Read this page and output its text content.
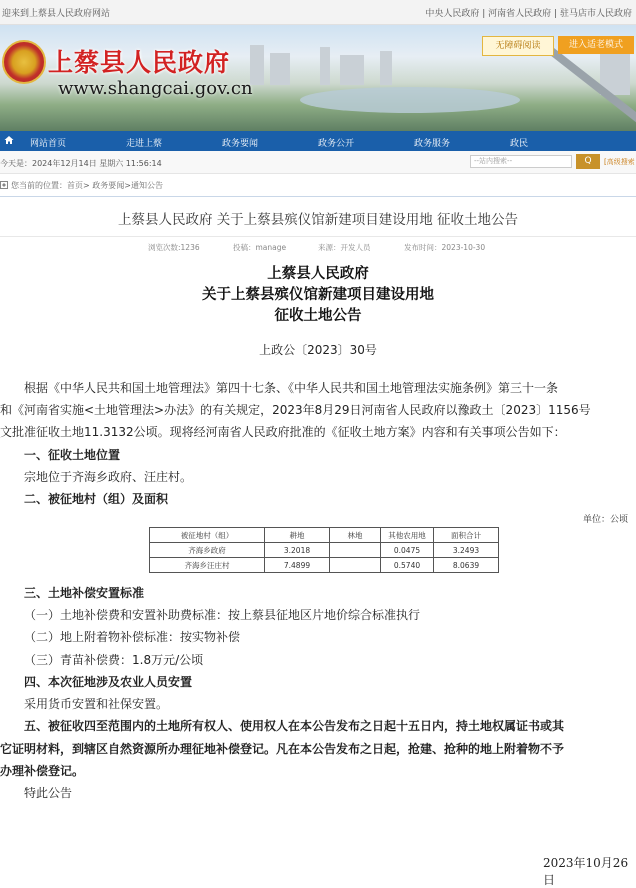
迎来到上蔡县人民政府网站	中央人民政府 | 河南省人民政府 | 驻马店市人民政府
上蔡县人民政府
www.shangcai.gov.cn
无障碍阅读	进入适老模式
网站首页	走进上蔡	政务要闻	政务公开	政务服务	政民
今天是：2024年12月14日 星期六 11:56:14	--站内搜索--	Q	[高级搜索
您当前的位置：首页> 政务要闻>通知公告
上蔡县人民政府 关于上蔡县殡仪馆新建项目建设用地 征收土地公告
浏览次数:1236	投稿：manage	来源：开发人员	发布时间：2023-10-30
上蔡县人民政府
关于上蔡县殡仪馆新建项目建设用地
征收土地公告
上政公〔2023〕30号
根据《中华人民共和国土地管理法》第四十七条、《中华人民共和国土地管理法实施条例》第三十一条
和《河南省实施<土地管理法>办法》的有关规定，2023年8月29日河南省人民政府以豫政土〔2023〕1156号
文批准征收土地11.3132公顷。现将经河南省人民政府批准的《征收土地方案》内容和有关事项公告如下：
一、征收土地位置
宗地位于齐海乡政府、汪庄村。
二、被征地村（组）及面积
单位：公顷
被征地村（组）	耕地	林地	其他农用地	面积合计
齐海乡政府	3.2018		0.0475	3.2493
齐海乡汪庄村	7.4899		0.5740	8.0639
三、土地补偿安置标准
（一）土地补偿费和安置补助费标准：按上蔡县征地区片地价综合标准执行
（二）地上附着物补偿标准：按实物补偿
（三）青苗补偿费：1.8万元/公顷
四、本次征地涉及农业人员安置
采用货币安置和社保安置。
五、被征收四至范围内的土地所有权人、使用权人在本公告发布之日起十五日内，持土地权属证书或其
它证明材料，到辖区自然资源所办理征地补偿登记。凡在本公告发布之日起，抢建、抢种的地上附着物不予
办理补偿登记。
特此公告
2023年10月26日
